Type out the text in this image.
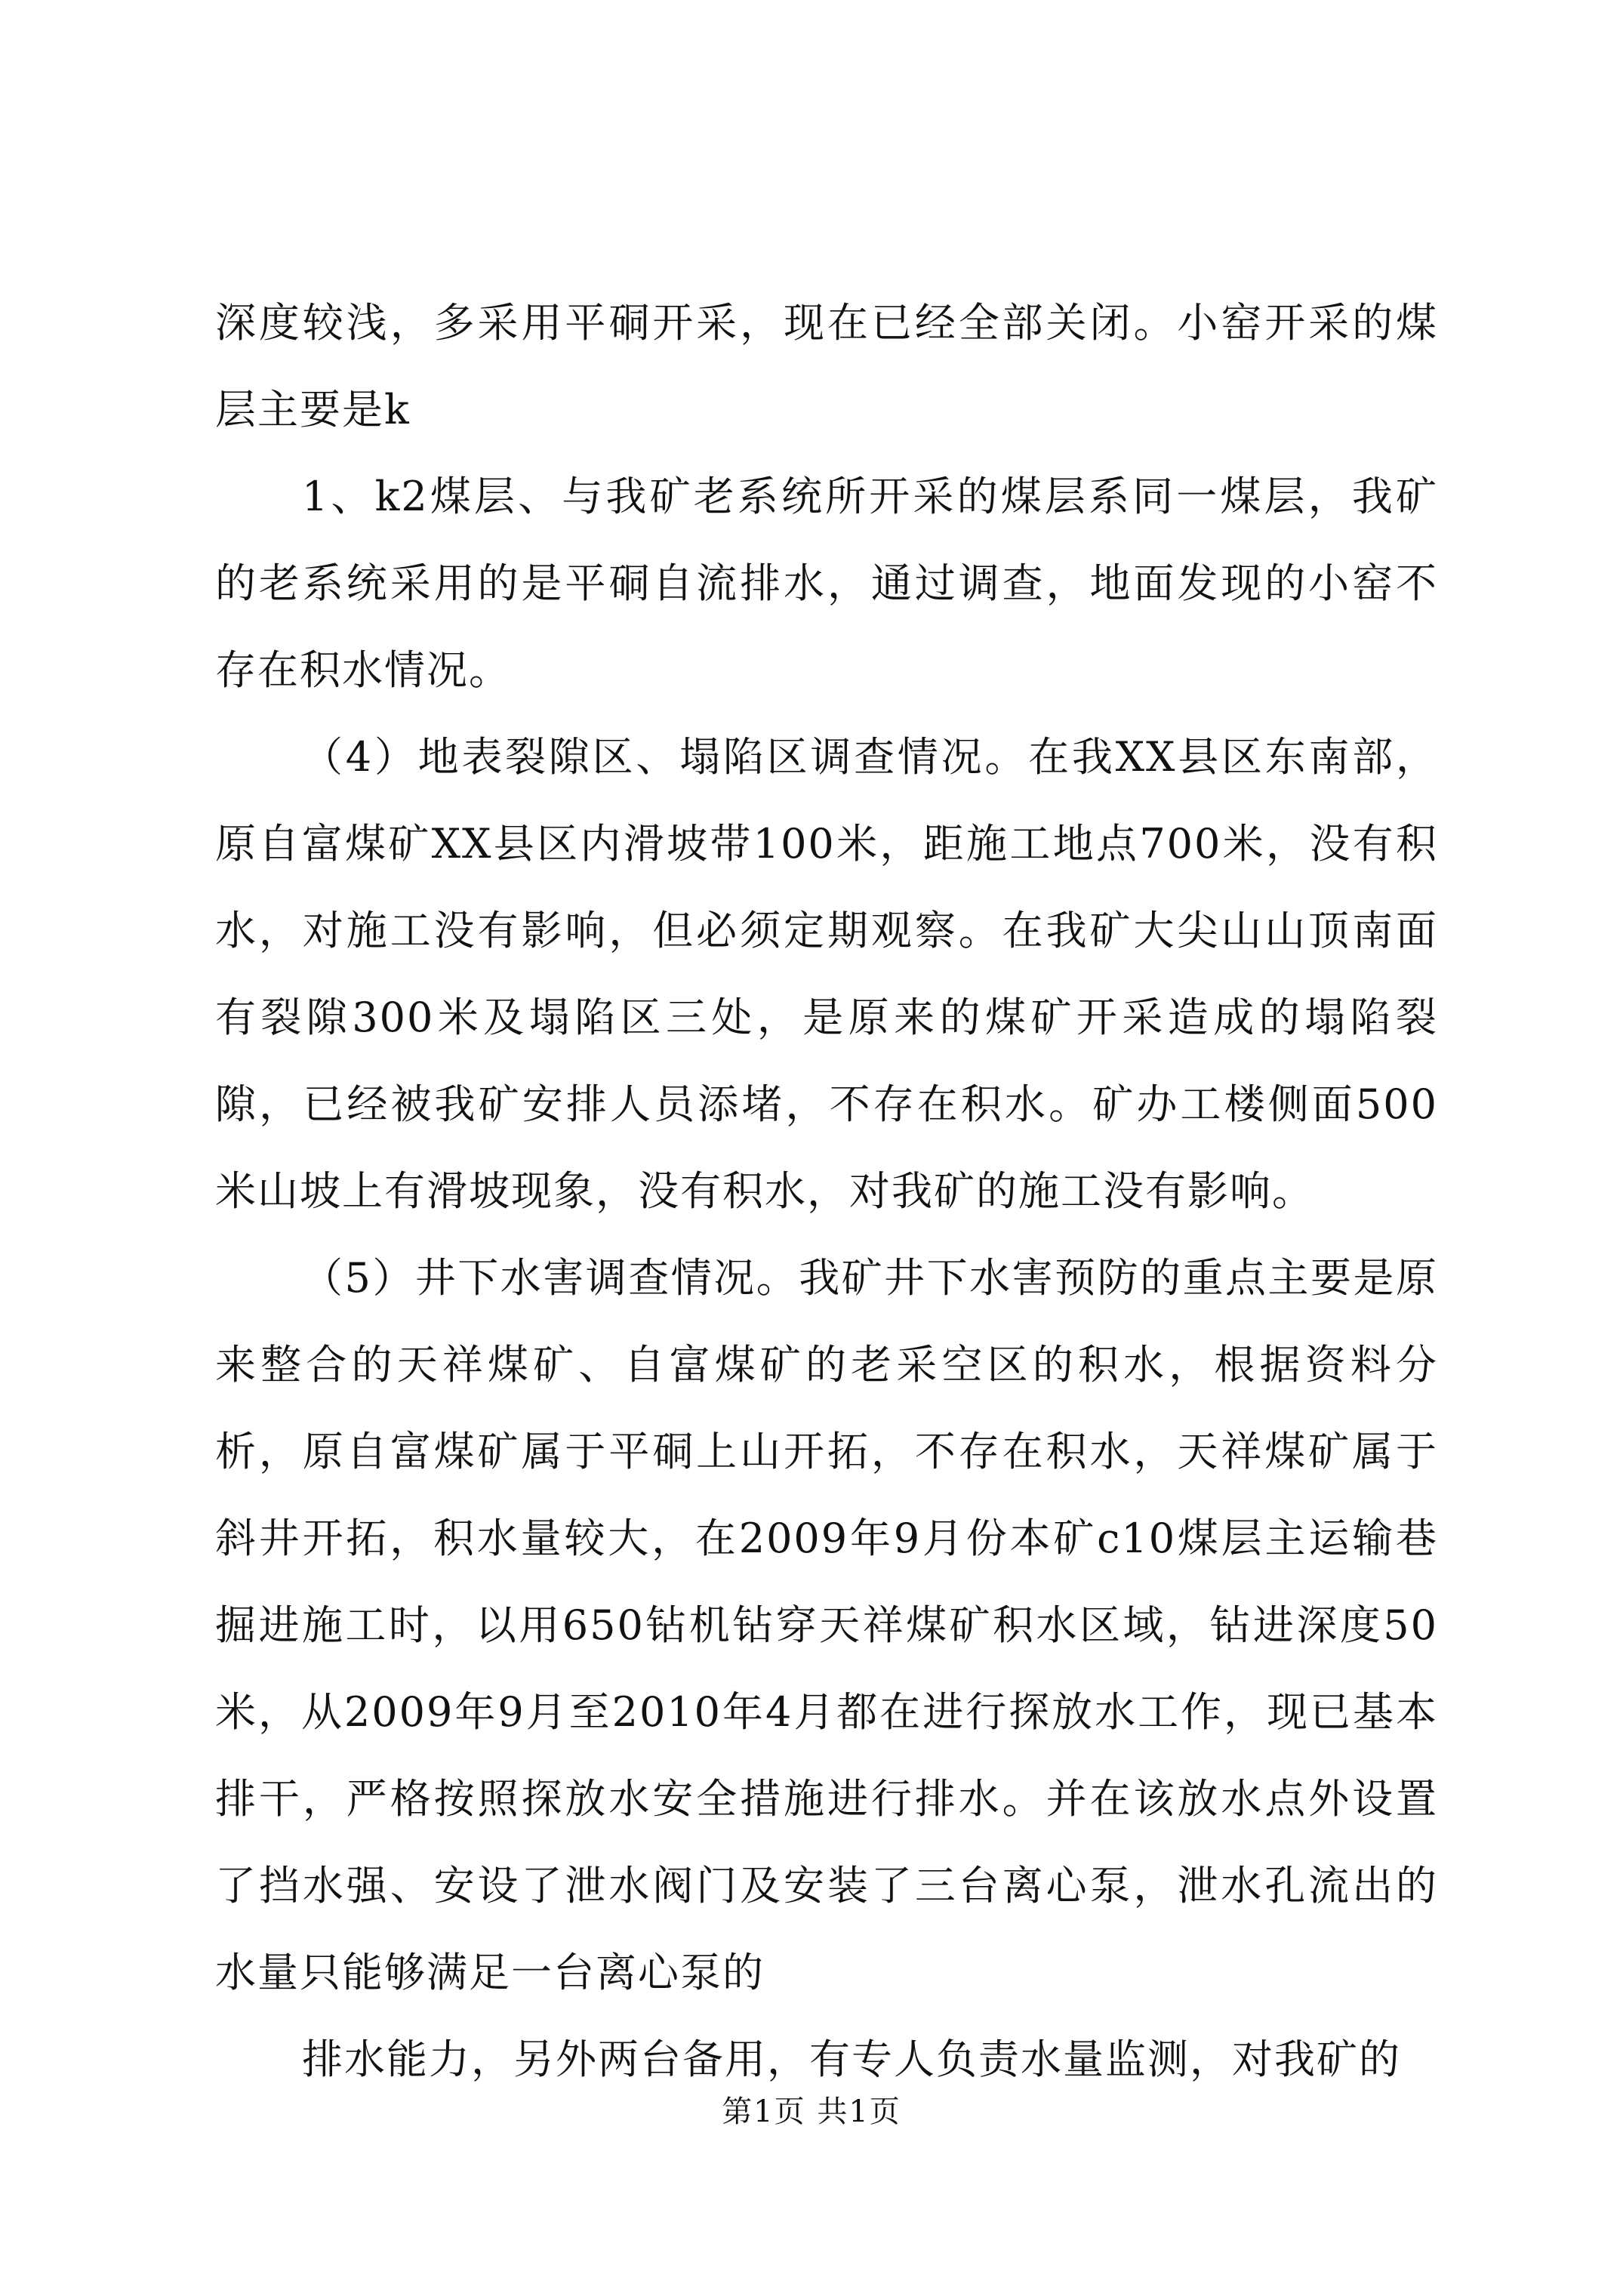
深度较浅，多采用平硐开采，现在已经全部关闭。小窑开采的煤层主要是k

1、k2煤层、与我矿老系统所开采的煤层系同一煤层，我矿的老系统采用的是平硐自流排水，通过调查，地面发现的小窑不存在积水情况。

（4）地表裂隙区、塌陷区调查情况。在我XX县区东南部，原自富煤矿XX县区内滑坡带100米，距施工地点700米，没有积水，对施工没有影响，但必须定期观察。在我矿大尖山山顶南面有裂隙300米及塌陷区三处，是原来的煤矿开采造成的塌陷裂隙，已经被我矿安排人员添堵，不存在积水。矿办工楼侧面500米山坡上有滑坡现象，没有积水，对我矿的施工没有影响。

（5）井下水害调查情况。我矿井下水害预防的重点主要是原来整合的天祥煤矿、自富煤矿的老采空区的积水，根据资料分析，原自富煤矿属于平硐上山开拓，不存在积水，天祥煤矿属于斜井开拓，积水量较大，在2009年9月份本矿c10煤层主运输巷掘进施工时，以用650钻机钻穿天祥煤矿积水区域，钻进深度50米，从2009年9月至2010年4月都在进行探放水工作，现已基本排干，严格按照探放水安全措施进行排水。并在该放水点外设置了挡水强、安设了泄水阀门及安装了三台离心泵，泄水孔流出的水量只能够满足一台离心泵的

排水能力，另外两台备用，有专人负责水量监测，对我矿的

第1页 共1页
